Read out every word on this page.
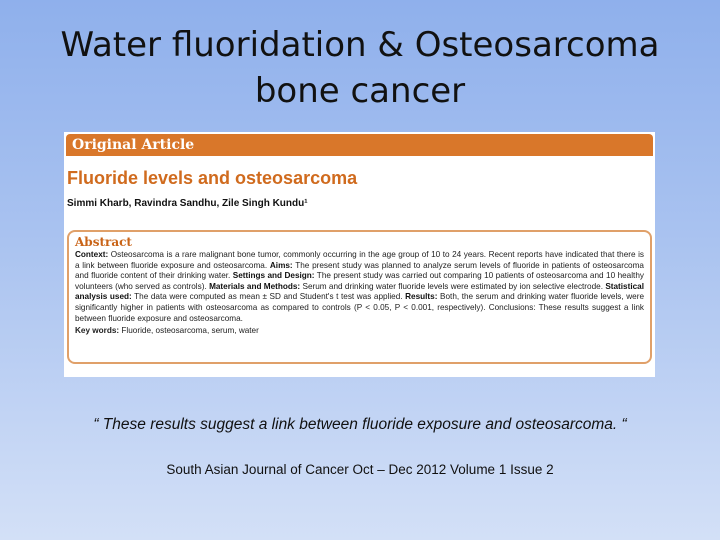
Water fluoridation & Osteosarcoma
bone cancer
Original Article
Fluoride levels and osteosarcoma
Simmi Kharb, Ravindra Sandhu, Zile Singh Kundu¹
Abstract
Context: Osteosarcoma is a rare malignant bone tumor, commonly occurring in the age group of 10 to 24 years. Recent reports have indicated that there is a link between fluoride exposure and osteosarcoma. Aims: The present study was planned to analyze serum levels of fluoride in patients of osteosarcoma and fluoride content of their drinking water. Settings and Design: The present study was carried out comparing 10 patients of osteosarcoma and 10 healthy volunteers (who served as controls). Materials and Methods: Serum and drinking water fluoride levels were estimated by ion selective electrode. Statistical analysis used: The data were computed as mean ± SD and Student's t test was applied. Results: Both, the serum and drinking water fluoride levels, were significantly higher in patients with osteosarcoma as compared to controls (P < 0.05, P < 0.001, respectively). Conclusions: These results suggest a link between fluoride exposure and osteosarcoma.
Key words: Fluoride, osteosarcoma, serum, water
“ These results suggest a link between fluoride exposure and osteosarcoma. “
South Asian Journal of Cancer Oct – Dec 2012 Volume 1 Issue 2
